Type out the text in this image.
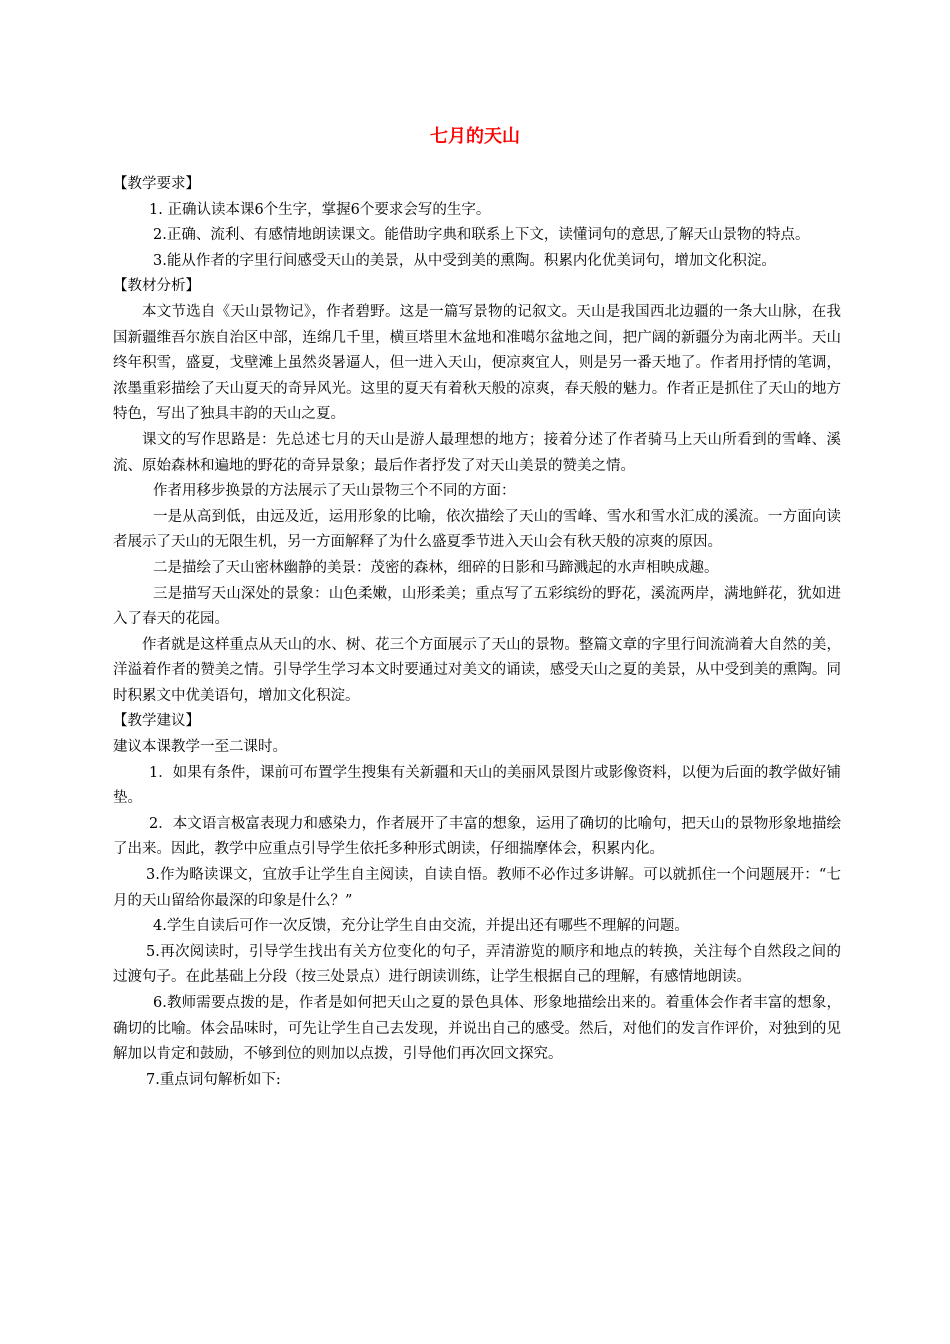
七月的天山

【教学要求】

1. 正确认读本课6个生字，掌握6个要求会写的生字。

2.正确、流利、有感情地朗读课文。能借助字典和联系上下文，读懂词句的意思,了解天山景物的特点。

3.能从作者的字里行间感受天山的美景，从中受到美的熏陶。积累内化优美词句，增加文化积淀。

【教材分析】

本文节选自《天山景物记》，作者碧野。这是一篇写景物的记叙文。天山是我国西北边疆的一条大山脉，在我国新疆维吾尔族自治区中部，连绵几千里，横亘塔里木盆地和准噶尔盆地之间，把广阔的新疆分为南北两半。天山终年积雪，盛夏，戈壁滩上虽然炎暑逼人，但一进入天山，便凉爽宜人，则是另一番天地了。作者用抒情的笔调，浓墨重彩描绘了天山夏天的奇异风光。这里的夏天有着秋天般的凉爽，春天般的魅力。作者正是抓住了天山的地方特色，写出了独具丰韵的天山之夏。

课文的写作思路是：先总述七月的天山是游人最理想的地方；接着分述了作者骑马上天山所看到的雪峰、溪流、原始森林和遍地的野花的奇异景象；最后作者抒发了对天山美景的赞美之情。

作者用移步换景的方法展示了天山景物三个不同的方面：

一是从高到低，由远及近，运用形象的比喻，依次描绘了天山的雪峰、雪水和雪水汇成的溪流。一方面向读者展示了天山的无限生机，另一方面解释了为什么盛夏季节进入天山会有秋天般的凉爽的原因。

二是描绘了天山密林幽静的美景：茂密的森林，细碎的日影和马蹄溅起的水声相映成趣。

三是描写天山深处的景象：山色柔嫩，山形柔美；重点写了五彩缤纷的野花，溪流两岸，满地鲜花，犹如进入了春天的花园。

作者就是这样重点从天山的水、树、花三个方面展示了天山的景物。整篇文章的字里行间流淌着大自然的美，洋溢着作者的赞美之情。引导学生学习本文时要通过对美文的诵读，感受天山之夏的美景，从中受到美的熏陶。同时积累文中优美语句，增加文化积淀。

【教学建议】

建议本课教学一至二课时。

1．如果有条件，课前可布置学生搜集有关新疆和天山的美丽风景图片或影像资料，以便为后面的教学做好铺垫。

2．本文语言极富表现力和感染力，作者展开了丰富的想象，运用了确切的比喻句，把天山的景物形象地描绘了出来。因此，教学中应重点引导学生依托多种形式朗读，仔细揣摩体会，积累内化。

3.作为略读课文，宜放手让学生自主阅读，自读自悟。教师不必作过多讲解。可以就抓住一个问题展开：“七月的天山留给你最深的印象是什么？”

4.学生自读后可作一次反馈，充分让学生自由交流，并提出还有哪些不理解的问题。

5.再次阅读时，引导学生找出有关方位变化的句子，弄清游览的顺序和地点的转换，关注每个自然段之间的过渡句子。在此基础上分段（按三处景点）进行朗读训练，让学生根据自己的理解，有感情地朗读。

6.教师需要点拨的是，作者是如何把天山之夏的景色具体、形象地描绘出来的。着重体会作者丰富的想象，确切的比喻。体会品味时，可先让学生自己去发现，并说出自己的感受。然后，对他们的发言作评价，对独到的见解加以肯定和鼓励，不够到位的则加以点拨，引导他们再次回文探究。

7.重点词句解析如下:
